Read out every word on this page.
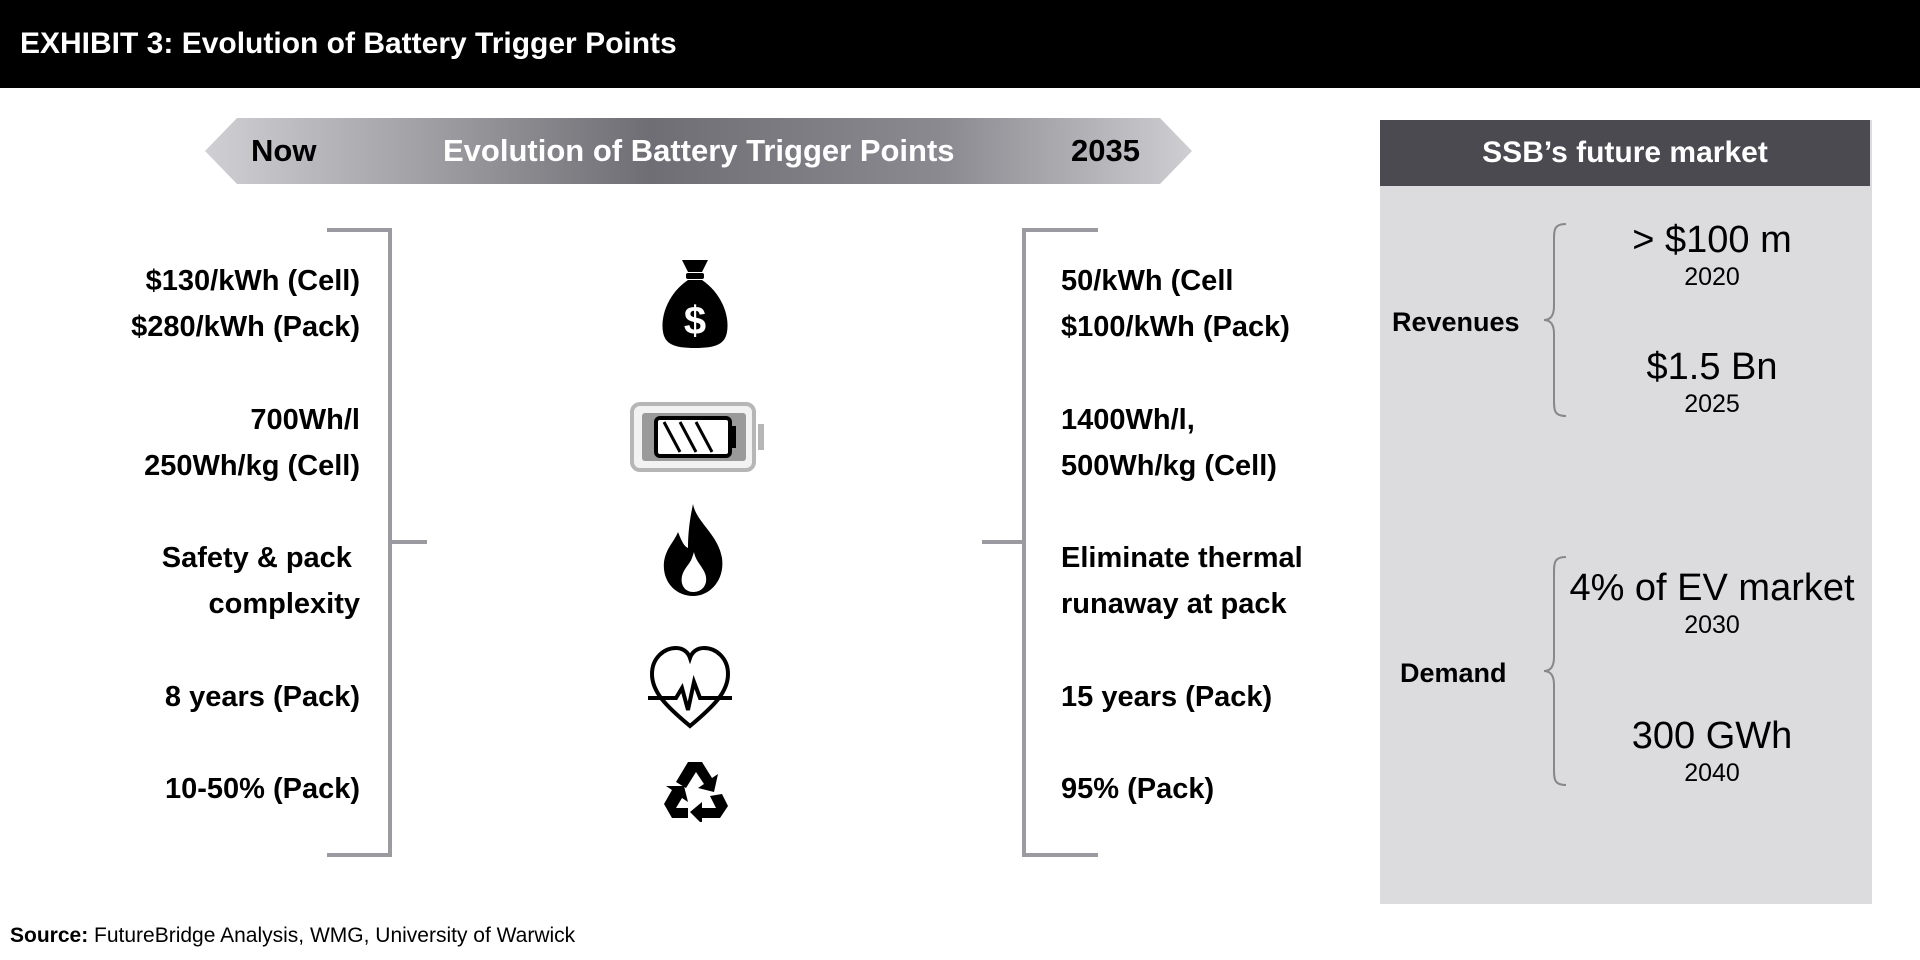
EXHIBIT 3: Evolution of Battery Trigger Points
Now	Evolution of Battery Trigger Points	2035
$130/kWh (Cell)
$280/kWh (Pack)
700Wh/l
250Wh/kg (Cell)
Safety & pack
complexity
8 years (Pack)
10-50% (Pack)
50/kWh (Cell
$100/kWh (Pack)
1400Wh/l,
500Wh/kg (Cell)
Eliminate thermal
runaway at pack
15 years (Pack)
95% (Pack)
$
SSB’s future market
Revenues
> $100 m
2020
$1.5 Bn
2025
Demand
4% of EV market
2030
300 GWh
2040
Source: FutureBridge Analysis, WMG, University of Warwick
